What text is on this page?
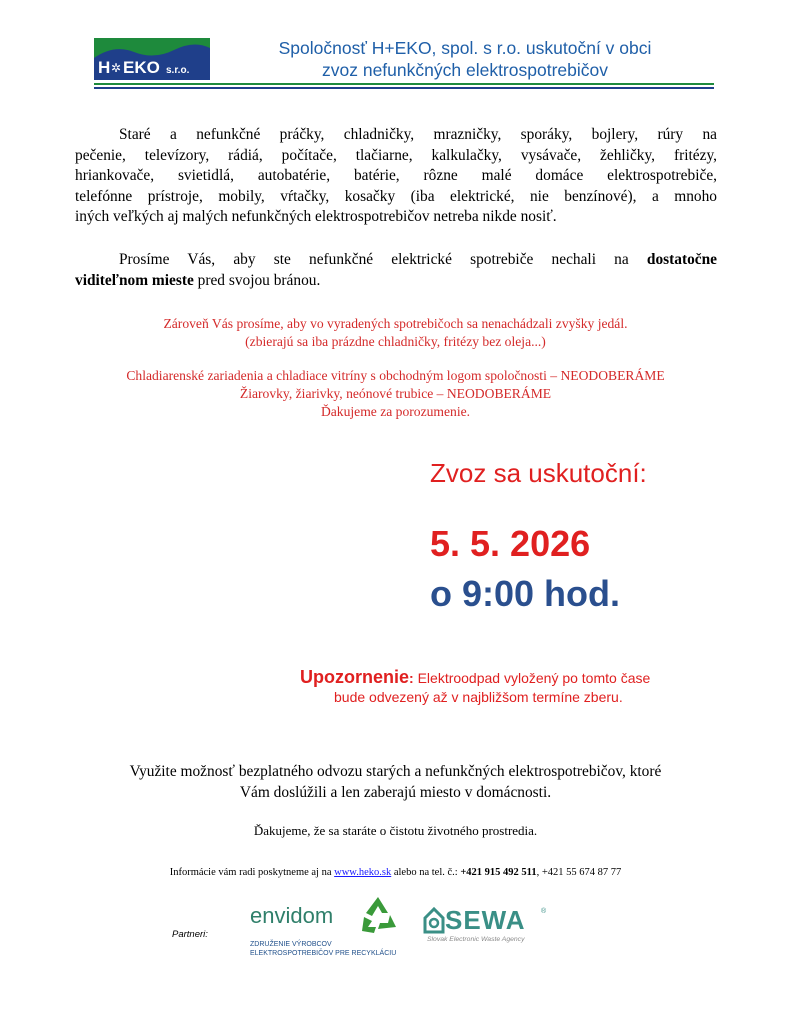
H ✲ EKO s.r.o.
Spoločnosť H+EKO, spol. s r.o. uskutoční v obci
zvoz nefunkčných elektrospotrebičov
Staré a nefunkčné práčky, chladničky, mrazničky, sporáky, bojlery, rúry na
pečenie, televízory, rádiá, počítače, tlačiarne, kalkulačky, vysávače, žehličky, fritézy,
hriankovače, svietidlá, autobatérie, batérie, rôzne malé domáce elektrospotrebiče,
telefónne prístroje, mobily, vŕtačky, kosačky (iba elektrické, nie benzínové), a mnoho
iných veľkých aj malých nefunkčných elektrospotrebičov netreba nikde nosiť.
Prosíme Vás, aby ste nefunkčné elektrické spotrebiče nechali na dostatočne
viditeľnom mieste pred svojou bránou.
Zároveň Vás prosíme, aby vo vyradených spotrebičoch sa nenachádzali zvyšky jedál.
(zbierajú sa iba prázdne chladničky, fritézy bez oleja...)
Chladiarenské zariadenia a chladiace vitríny s obchodným logom spoločnosti – NEODOBERÁME
Žiarovky, žiarivky, neónové trubice – NEODOBERÁME
Ďakujeme za porozumenie.
Zvoz sa uskutoční:
5. 5. 2026
o 9:00 hod.
Upozornenie: Elektroodpad vyložený po tomto čase
bude odvezený až v najbližšom termíne zberu.
Využite možnosť bezplatného odvozu starých a nefunkčných elektrospotrebičov, ktoré
Vám doslúžili a len zaberajú miesto v domácnosti.
Ďakujeme, že sa staráte o čistotu životného prostredia.
Informácie vám radi poskytneme aj na www.heko.sk alebo na tel. č.: +421 915 492 511, +421 55 674 87 77
Partneri:
envidom
ZDRUŽENIE VÝROBCOV
ELEKTROSPOTREBIČOV PRE RECYKLÁCIU
SEWA ®
Slovak Electronic Waste Agency
